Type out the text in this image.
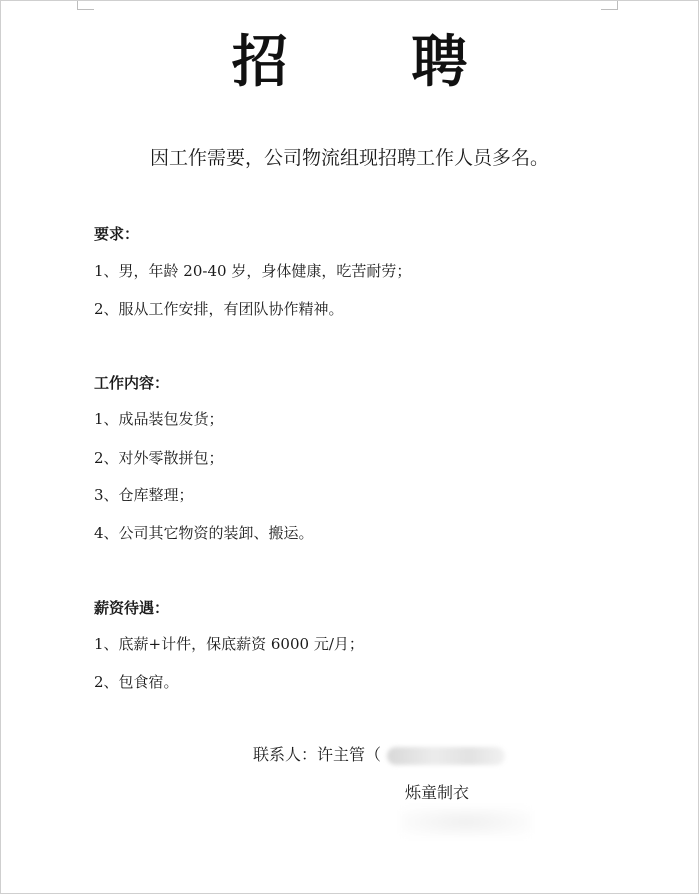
招 聘
因工作需要，公司物流组现招聘工作人员多名。
要求：
1、男，年龄 20-40 岁，身体健康，吃苦耐劳；
2、服从工作安排，有团队协作精神。
工作内容：
1、成品装包发货；
2、对外零散拼包；
3、仓库整理；
4、公司其它物资的装卸、搬运。
薪资待遇：
1、底薪+计件，保底薪资 6000 元/月；
2、包食宿。
联系人：许主管（
烁童制衣
